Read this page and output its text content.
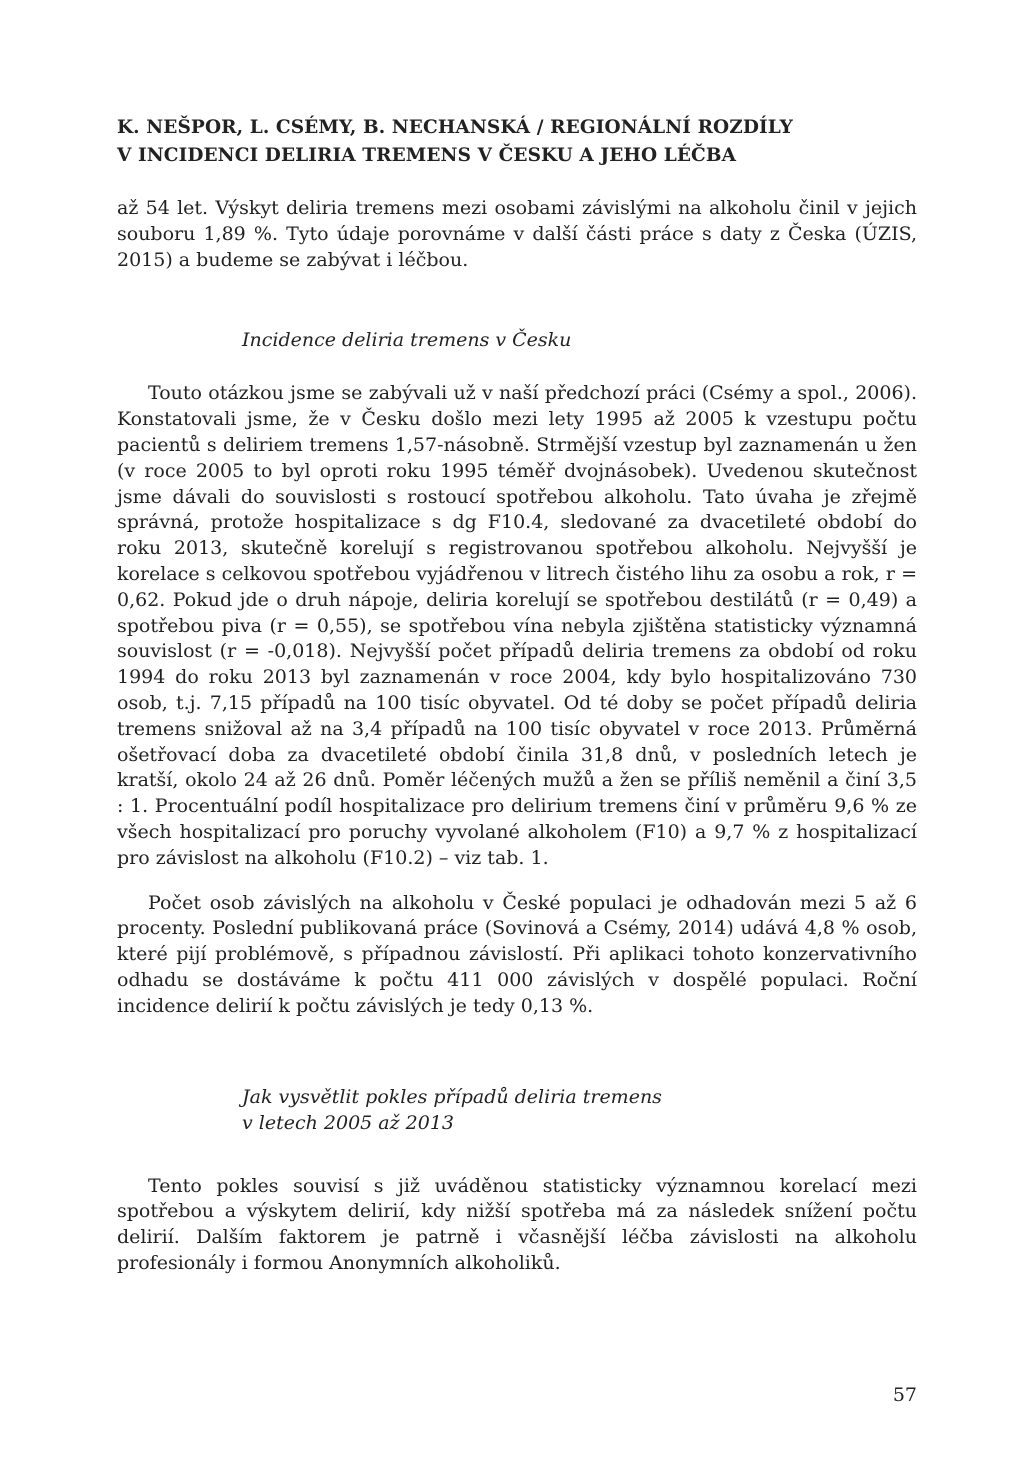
K. NEŠPOR, L. CSÉMY, B. NECHANSKÁ / REGIONÁLNÍ ROZDÍLY
V INCIDENCI DELIRIA TREMENS V ČESKU A JEHO LÉČBA

až 54 let. Výskyt deliria tremens mezi osobami závislými na alkoholu činil v jejich souboru 1,89 %. Tyto údaje porovnáme v další části práce s daty z Česka (ÚZIS, 2015) a budeme se zabývat i léčbou.

Incidence deliria tremens v Česku

Touto otázkou jsme se zabývali už v naší předchozí práci (Csémy a spol., 2006). Konstatovali jsme, že v Česku došlo mezi lety 1995 až 2005 k vzestupu počtu pacientů s deliriem tremens 1,57-násobně. Strmější vzestup byl zaznamenán u žen (v roce 2005 to byl oproti roku 1995 téměř dvojnásobek). Uvedenou skutečnost jsme dávali do souvislosti s rostoucí spotřebou alkoholu. Tato úvaha je zřejmě správná, protože hospitalizace s dg F10.4, sledované za dvacetileté období do roku 2013, skutečně korelují s registrovanou spotřebou alkoholu. Nejvyšší je korelace s celkovou spotřebou vyjádřenou v litrech čistého lihu za osobu a rok, r = 0,62. Pokud jde o druh nápoje, deliria korelují se spotřebou destilátů (r = 0,49) a spotřebou piva (r = 0,55), se spotřebou vína nebyla zjištěna statisticky významná souvislost (r = -0,018). Nejvyšší počet případů deliria tremens za období od roku 1994 do roku 2013 byl zaznamenán v roce 2004, kdy bylo hospitalizováno 730 osob, t.j. 7,15 případů na 100 tisíc obyvatel. Od té doby se počet případů deliria tremens snižoval až na 3,4 případů na 100 tisíc obyvatel v roce 2013. Průměrná ošetřovací doba za dvacetileté období činila 31,8 dnů, v posledních letech je kratší, okolo 24 až 26 dnů. Poměr léčených mužů a žen se příliš neměnil a činí 3,5 : 1. Procentuální podíl hospitalizace pro delirium tremens činí v průměru 9,6 % ze všech hospitalizací pro poruchy vyvolané alkoholem (F10) a 9,7 % z hospitalizací pro závislost na alkoholu (F10.2) – viz tab. 1.

Počet osob závislých na alkoholu v České populaci je odhadován mezi 5 až 6 procenty. Poslední publikovaná práce (Sovinová a Csémy, 2014) udává 4,8 % osob, které pijí problémově, s případnou závislostí. Při aplikaci tohoto konzervativního odhadu se dostáváme k počtu 411 000 závislých v dospělé populaci. Roční incidence delirií k počtu závislých je tedy 0,13 %.

Jak vysvětlit pokles případů deliria tremens
v letech 2005 až 2013

Tento pokles souvisí s již uváděnou statisticky významnou korelací mezi spotřebou a výskytem delirií, kdy nižší spotřeba má za následek snížení počtu delirií. Dalším faktorem je patrně i včasnější léčba závislosti na alkoholu profesionály i formou Anonymních alkoholiků.

57
